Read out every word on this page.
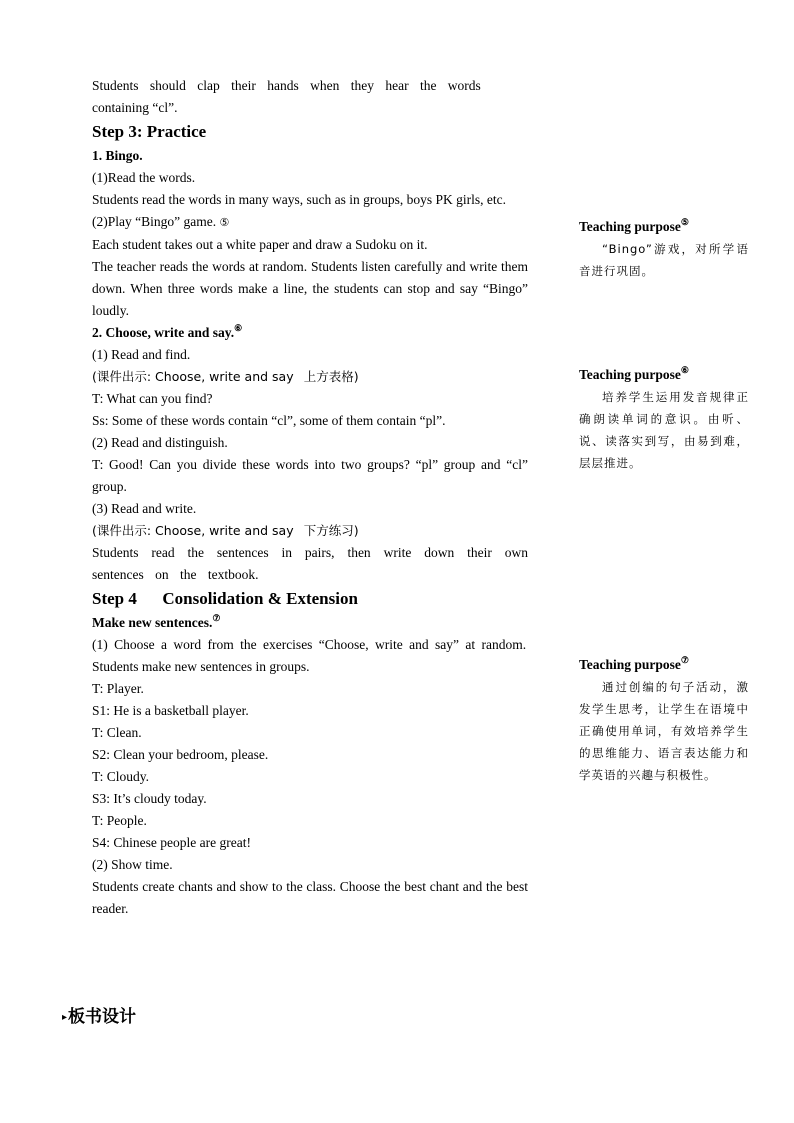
Students should clap their hands when they hear the words

containing “cl”.

Step 3: Practice

1. Bingo.

(1)Read the words.

Students read the words in many ways, such as in groups, boys PK girls, etc.

(2)Play “Bingo” game. ⑤

Each student takes out a white paper and draw a Sudoku on it.

The teacher reads the words at random. Students listen carefully and write them down. When three words make a line, the students can stop and say “Bingo” loudly.

2. Choose, write and say.⑥

(1) Read and find.

(课件出示: Choose, write and say 上方表格)

T: What can you find?

Ss: Some of these words contain “cl”, some of them contain “pl”.

(2) Read and distinguish.

T: Good! Can you divide these words into two groups? “pl” group and “cl” group.

(3) Read and write.

(课件出示: Choose, write and say 下方练习)

Students read the sentences in pairs, then write down their own sentences on the textbook.

Step 4  Consolidation & Extension

Make new sentences.⑦

(1) Choose a word from the exercises “Choose, write and say” at random.

Students make new sentences in groups.

T: Player.

S1: He is a basketball player.

T: Clean.

S2: Clean your bedroom, please.

T: Cloudy.

S3: It’s cloudy today.

T: People.

S4: Chinese people are great!

(2) Show time.

Students create chants and show to the class. Choose the best chant and the best reader.

Teaching purpose⑤

“Bingo”游戏，对所学语音进行巩固。

Teaching purpose⑥

培养学生运用发音规律正确朗读单词的意识。由听、说、读落实到写，由易到难，层层推进。

Teaching purpose⑦

通过创编的句子活动，激发学生思考，让学生在语境中正确使用单词，有效培养学生的思维能力、语言表达能力和学英语的兴趣与积极性。

▸板书设计
